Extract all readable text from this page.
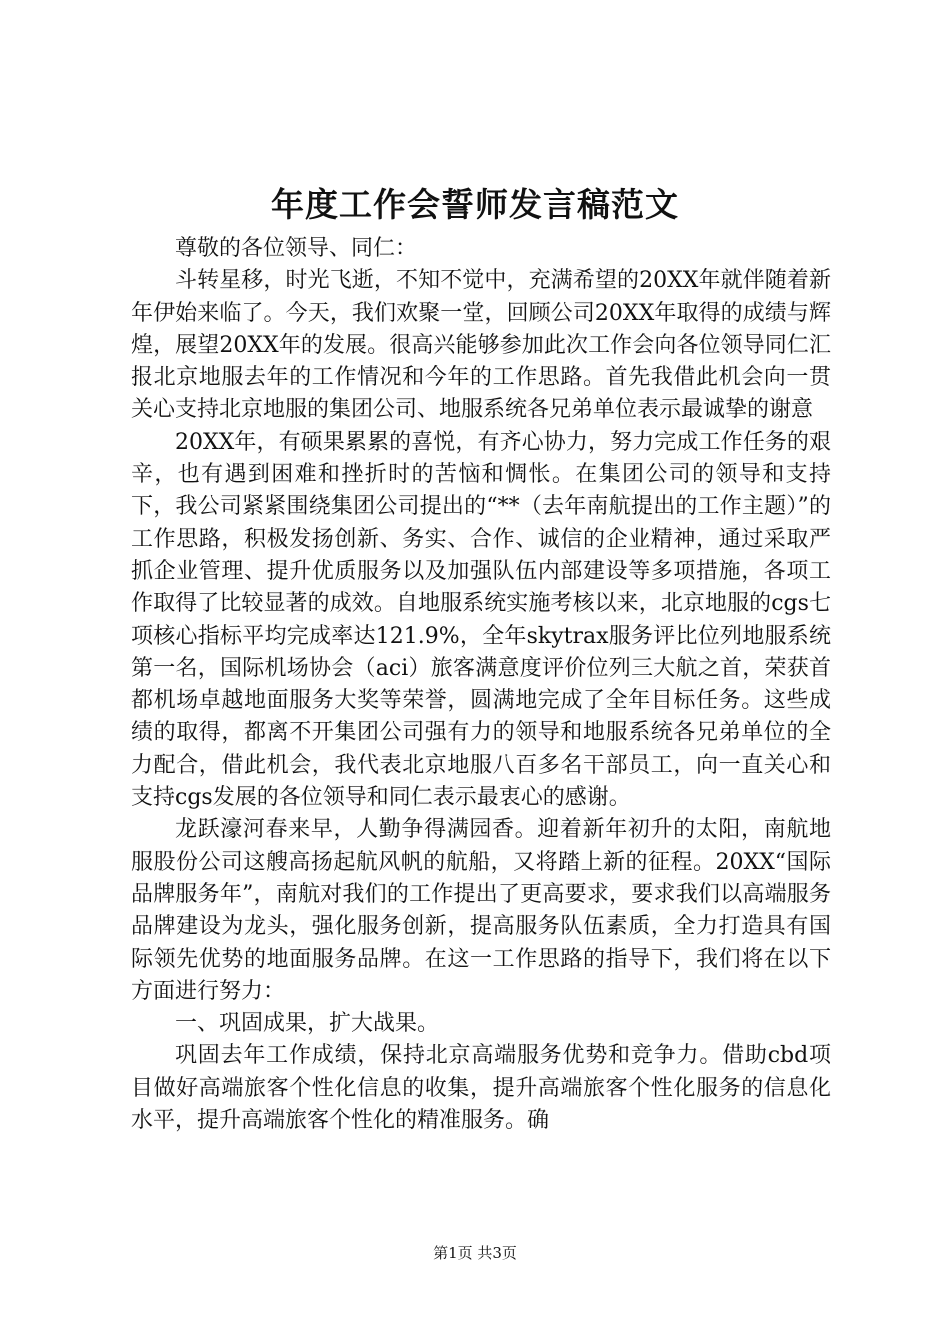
年度工作会誓师发言稿范文

尊敬的各位领导、同仁：

斗转星移，时光飞逝，不知不觉中，充满希望的20XX年就伴随着新年伊始来临了。今天，我们欢聚一堂，回顾公司20XX年取得的成绩与辉煌，展望20XX年的发展。很高兴能够参加此次工作会向各位领导同仁汇报北京地服去年的工作情况和今年的工作思路。首先我借此机会向一贯关心支持北京地服的集团公司、地服系统各兄弟单位表示最诚挚的谢意

20XX年，有硕果累累的喜悦，有齐心协力，努力完成工作任务的艰辛，也有遇到困难和挫折时的苦恼和惆怅。在集团公司的领导和支持下，我公司紧紧围绕集团公司提出的“**（去年南航提出的工作主题）”的工作思路，积极发扬创新、务实、合作、诚信的企业精神，通过采取严抓企业管理、提升优质服务以及加强队伍内部建设等多项措施，各项工作取得了比较显著的成效。自地服系统实施考核以来，北京地服的cgs七项核心指标平均完成率达121.9%，全年skytrax服务评比位列地服系统第一名，国际机场协会（aci）旅客满意度评价位列三大航之首，荣获首都机场卓越地面服务大奖等荣誉，圆满地完成了全年目标任务。这些成绩的取得，都离不开集团公司强有力的领导和地服系统各兄弟单位的全力配合，借此机会，我代表北京地服八百多名干部员工，向一直关心和支持cgs发展的各位领导和同仁表示最衷心的感谢。

龙跃濠河春来早，人勤争得满园香。迎着新年初升的太阳，南航地服股份公司这艘高扬起航风帆的航船，又将踏上新的征程。20XX“国际品牌服务年”，南航对我们的工作提出了更高要求，要求我们以高端服务品牌建设为龙头，强化服务创新，提高服务队伍素质，全力打造具有国际领先优势的地面服务品牌。在这一工作思路的指导下，我们将在以下方面进行努力：

一、巩固成果，扩大战果。

巩固去年工作成绩，保持北京高端服务优势和竞争力。借助cbd项目做好高端旅客个性化信息的收集，提升高端旅客个性化服务的信息化水平，提升高端旅客个性化的精准服务。确

第1页 共3页
